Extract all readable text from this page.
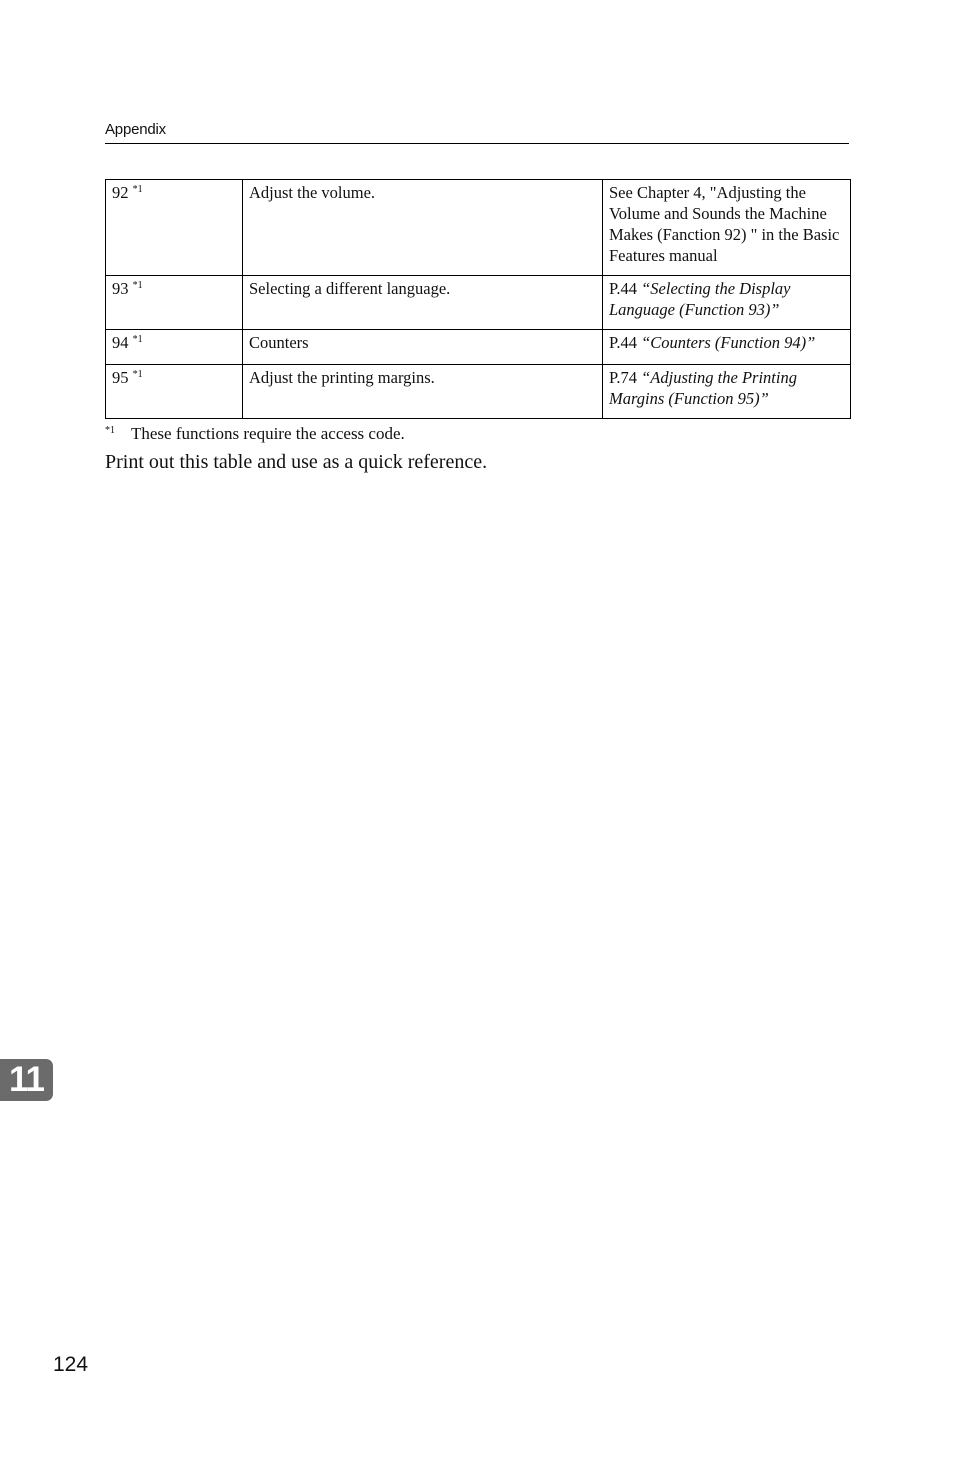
Appendix
92 $^{*1}$	Adjust the volume.	See Chapter 4, "Adjusting the Volume and Sounds the Machine Makes (Fanction 92) " in the Basic Features manual
93 $^{*1}$	Selecting a different language.	P.44 “Selecting the Display Language (Function 93)”
94 $^{*1}$	Counters	P.44 “Counters (Function 94)”
95 $^{*1}$	Adjust the printing margins.	P.74 “Adjusting the Printing Margins (Function 95)”
$^{*1}$ These functions require the access code.
Print out this table and use as a quick reference.
11
124
